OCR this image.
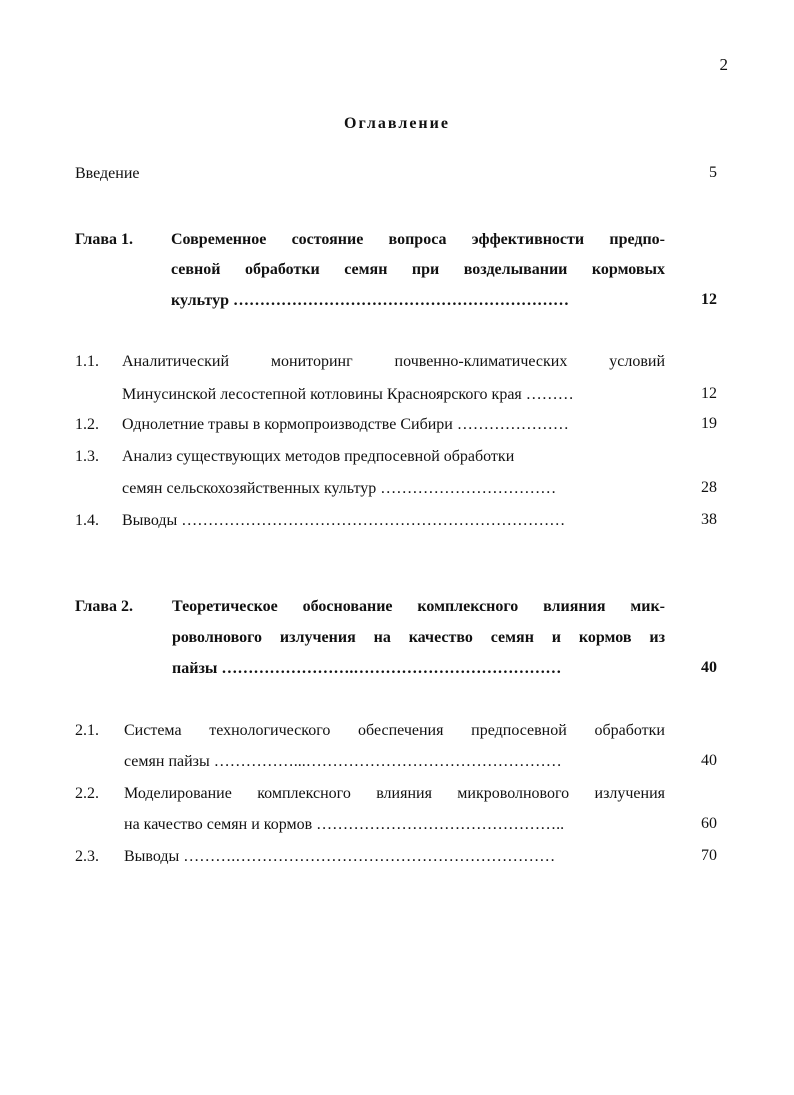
2
Оглавление
Введение	5
Глава 1. Современное состояние вопроса эффективности предпо-
севной обработки семян при возделывании кормовых
культур ………………………………………………………	12
1.1. Аналитический мониторинг почвенно-климатических условий
Минусинской лесостепной котловины Красноярского края ………	12
1.2. Однолетние травы в кормопроизводстве Сибири …………………	19
1.3. Анализ существующих методов предпосевной обработки
семян сельскохозяйственных культур ……………………………	28
1.4. Выводы ………………………………………………………………	38
Глава 2. Теоретическое обоснование комплексного влияния мик-
роволнового излучения на качество семян и кормов из
пайзы …………………….…………………………………	40
2.1. Система технологического обеспечения предпосевной обработки
семян пайзы ……………...…………………………………………	40
2.2. Моделирование комплексного влияния микроволнового излучения
на качество семян и кормов ………………………………………..	60
2.3. Выводы ……….……………………………………………………	70
